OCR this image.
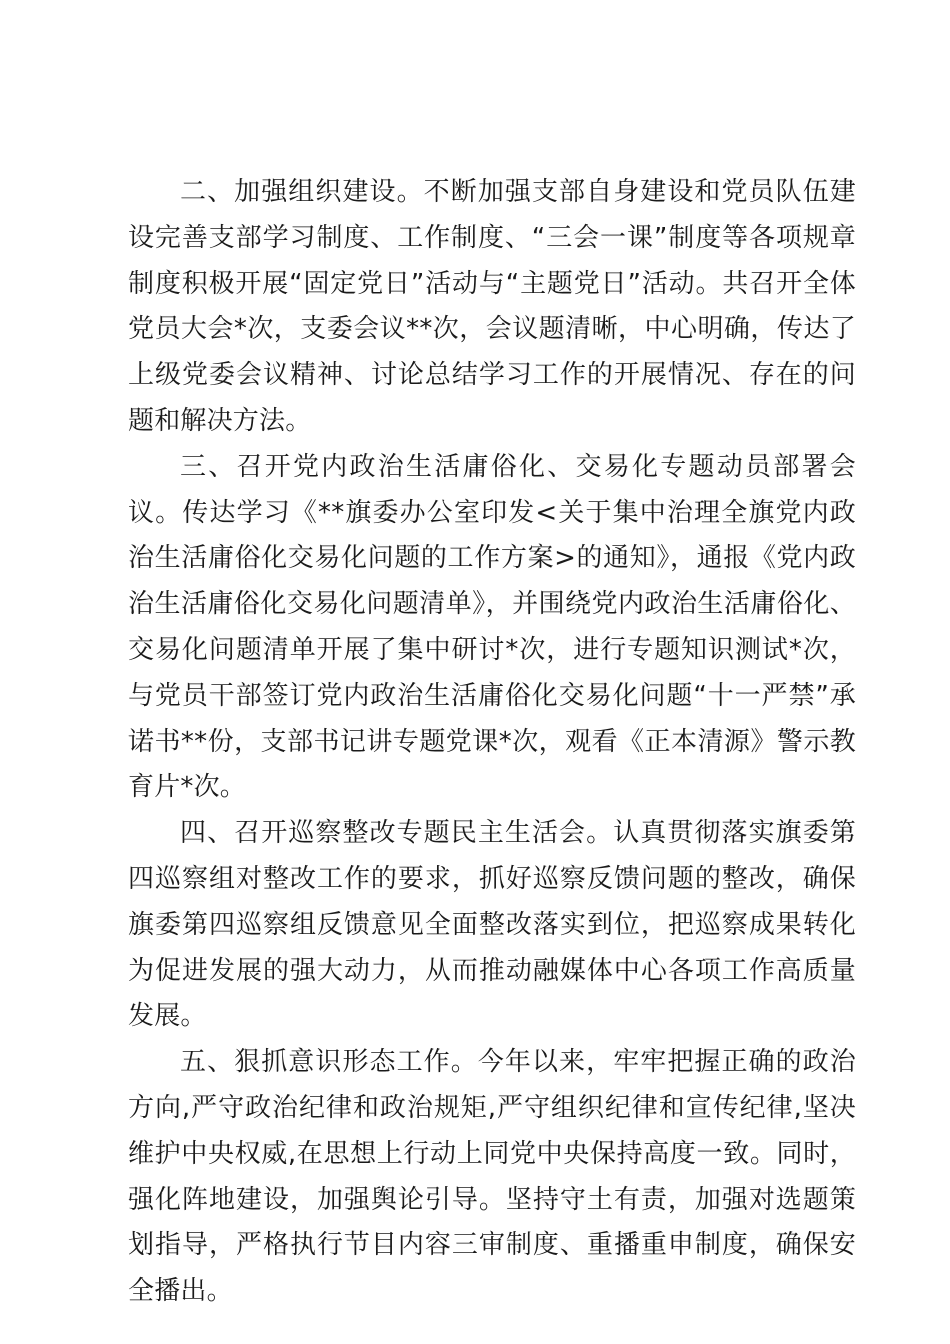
二、加强组织建设。不断加强支部自身建设和党员队伍建设完善支部学习制度、工作制度、“三会一课”制度等各项规章制度积极开展“固定党日”活动与“主题党日”活动。共召开全体党员大会*次，支委会议**次，会议题清晰，中心明确，传达了上级党委会议精神、讨论总结学习工作的开展情况、存在的问题和解决方法。

三、召开党内政治生活庸俗化、交易化专题动员部署会议。传达学习《**旗委办公室印发<关于集中治理全旗党内政治生活庸俗化交易化问题的工作方案>的通知》，通报《党内政治生活庸俗化交易化问题清单》，并围绕党内政治生活庸俗化、交易化问题清单开展了集中研讨*次，进行专题知识测试*次，与党员干部签订党内政治生活庸俗化交易化问题“十一严禁”承诺书**份，支部书记讲专题党课*次，观看《正本清源》警示教育片*次。

四、召开巡察整改专题民主生活会。认真贯彻落实旗委第四巡察组对整改工作的要求，抓好巡察反馈问题的整改，确保旗委第四巡察组反馈意见全面整改落实到位，把巡察成果转化为促进发展的强大动力，从而推动融媒体中心各项工作高质量发展。

五、狠抓意识形态工作。今年以来，牢牢把握正确的政治方向,严守政治纪律和政治规矩,严守组织纪律和宣传纪律,坚决维护中央权威,在思想上行动上同党中央保持高度一致。同时，强化阵地建设，加强舆论引导。坚持守土有责，加强对选题策划指导，严格执行节目内容三审制度、重播重申制度，确保安全播出。
